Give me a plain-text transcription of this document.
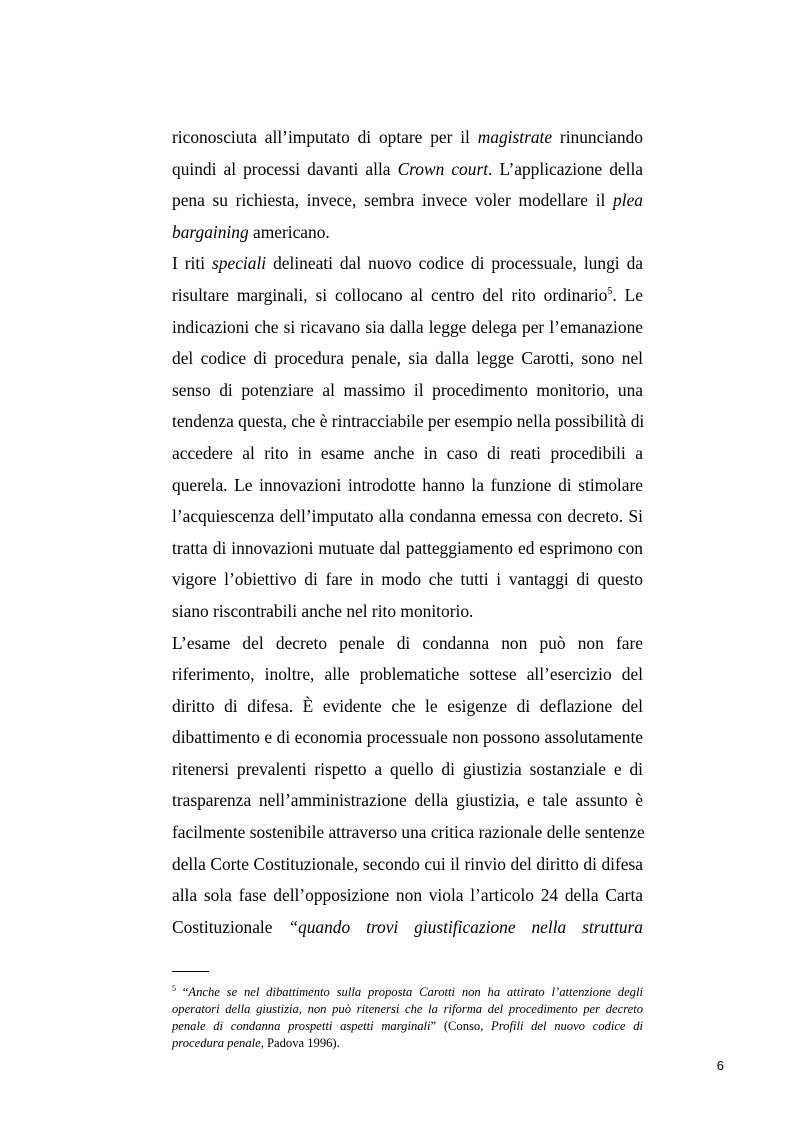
riconosciuta all’imputato di optare per il magistrate rinunciando
quindi al processi davanti alla Crown court. L’applicazione della
pena su richiesta, invece, sembra invece voler modellare il plea
bargaining americano.
I riti speciali delineati dal nuovo codice di processuale, lungi da
risultare marginali, si collocano al centro del rito ordinario$^5$. Le
indicazioni che si ricavano sia dalla legge delega per l’emanazione
del codice di procedura penale, sia dalla legge Carotti, sono nel
senso di potenziare al massimo il procedimento monitorio, una
tendenza questa, che è rintracciabile per esempio nella possibilità di
accedere al rito in esame anche in caso di reati procedibili a
querela. Le innovazioni introdotte hanno la funzione di stimolare
l’acquiescenza dell’imputato alla condanna emessa con decreto. Si
tratta di innovazioni mutuate dal patteggiamento ed esprimono con
vigore l’obiettivo di fare in modo che tutti i vantaggi di questo
siano riscontrabili anche nel rito monitorio.
L’esame del decreto penale di condanna non può non fare
riferimento, inoltre, alle problematiche sottese all’esercizio del
diritto di difesa. È evidente che le esigenze di deflazione del
dibattimento e di economia processuale non possono assolutamente
ritenersi prevalenti rispetto a quello di giustizia sostanziale e di
trasparenza nell’amministrazione della giustizia, e tale assunto è
facilmente sostenibile attraverso una critica razionale delle sentenze
della Corte Costituzionale, secondo cui il rinvio del diritto di difesa
alla sola fase dell’opposizione non viola l’articolo 24 della Carta
Costituzionale “quando trovi giustificazione nella struttura
$^5$ “Anche se nel dibattimento sulla proposta Carotti non ha attirato l’attenzione degli
operatori della giustizia, non può ritenersi che la riforma del procedimento per decreto
penale di condanna prospetti aspetti marginali” (Conso, Profili del nuovo codice di
procedura penale, Padova 1996).
6
